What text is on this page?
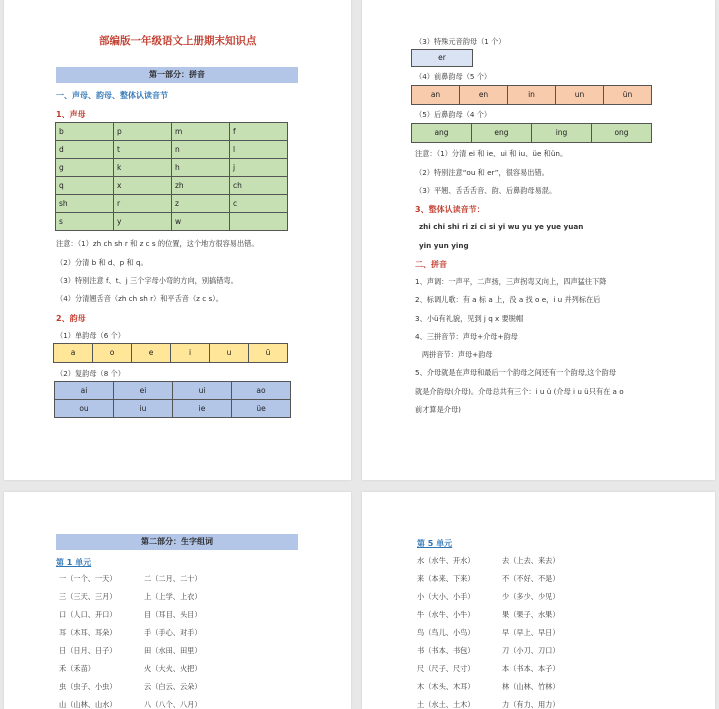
部编版一年级语文上册期末知识点
第一部分：拼音
一、声母、韵母、整体认读音节
1、声母
注意：（1）zh ch sh r 和 z c s 的位置，这个地方很容易出错。
（2）分清 b 和 d、p 和 q。
（3）特别注意 f、t、j 三个字母小弯的方向，别搞错弯。
（4）分清翘舌音（zh ch sh r）和平舌音（z c s）。
2、韵母
（1）单韵母（6 个）
（2）复韵母（8 个）
b	p	m	f
d	t	n	l
g	k	h	j
q	x	zh	ch
sh	r	z	c
s	y	w
a	o	e	i	u	ü
ai	ei	ui	ao
ou	iu	ie	üe
（3）特殊元音韵母（1 个）
（4）前鼻韵母（5 个）
（5）后鼻韵母（4 个）
注意：（1）分清 ei 和 ie、ui 和 iu、üe 和ün。
（2）特别注意“ou 和 er”，很容易出错。
（3）平翘、舌舌舌音、韵、后鼻韵母易混。
3、整体认读音节：
zhi chi shi ri zi ci si yi wu yu ye yue yuan
yin yun ying
二、拼音
1、声调：一声平，二声扬，三声拐弯又向上，四声猛往下降
2、标调儿歌：有 a 标 a 上，没 a 找 o e，i u 并列标在后
3、小ü有礼貌，见到 j q x 要脱帽
4、三拼音节：声母+介母+韵母
两拼音节：声母+韵母
5、介母就是在声母和最后一个韵母之间还有一个韵母,这个韵母
就是介韵母(介母)。介母总共有三个：i u ü (介母 i u ü只有在 a o
前才算是介母)
er
an	en	in	un	ün
ang	eng	ing	ong
第二部分：生字组词
第 1 单元
一（一个、一天）	二（二月、二十）
三（三天、三月）	上（上学、上衣）
口（人口、开口）	目（耳目、头目）
耳（木耳、耳朵）	手（手心、对手）
日（日月、日子）	田（水田、田里）
禾（禾苗）	火（大火、火把）
虫（虫子、小虫）	云（白云、云朵）
山（山林、山水）	八（八个、八月）
第 5 单元
水（水牛、开水）	去（上去、来去）
来（本来、下来）	不（不好、不是）
小（大小、小手）	少（多少、少见）
牛（水牛、小牛）	果（果子、水果）
鸟（鸟儿、小鸟）	早（早上、早日）
书（书本、书包）	刀（小刀、刀口）
尺（尺子、尺寸）	本（书本、本子）
木（木头、木耳）	林（山林、竹林）
土（水土、土木）	力（有力、用力）
